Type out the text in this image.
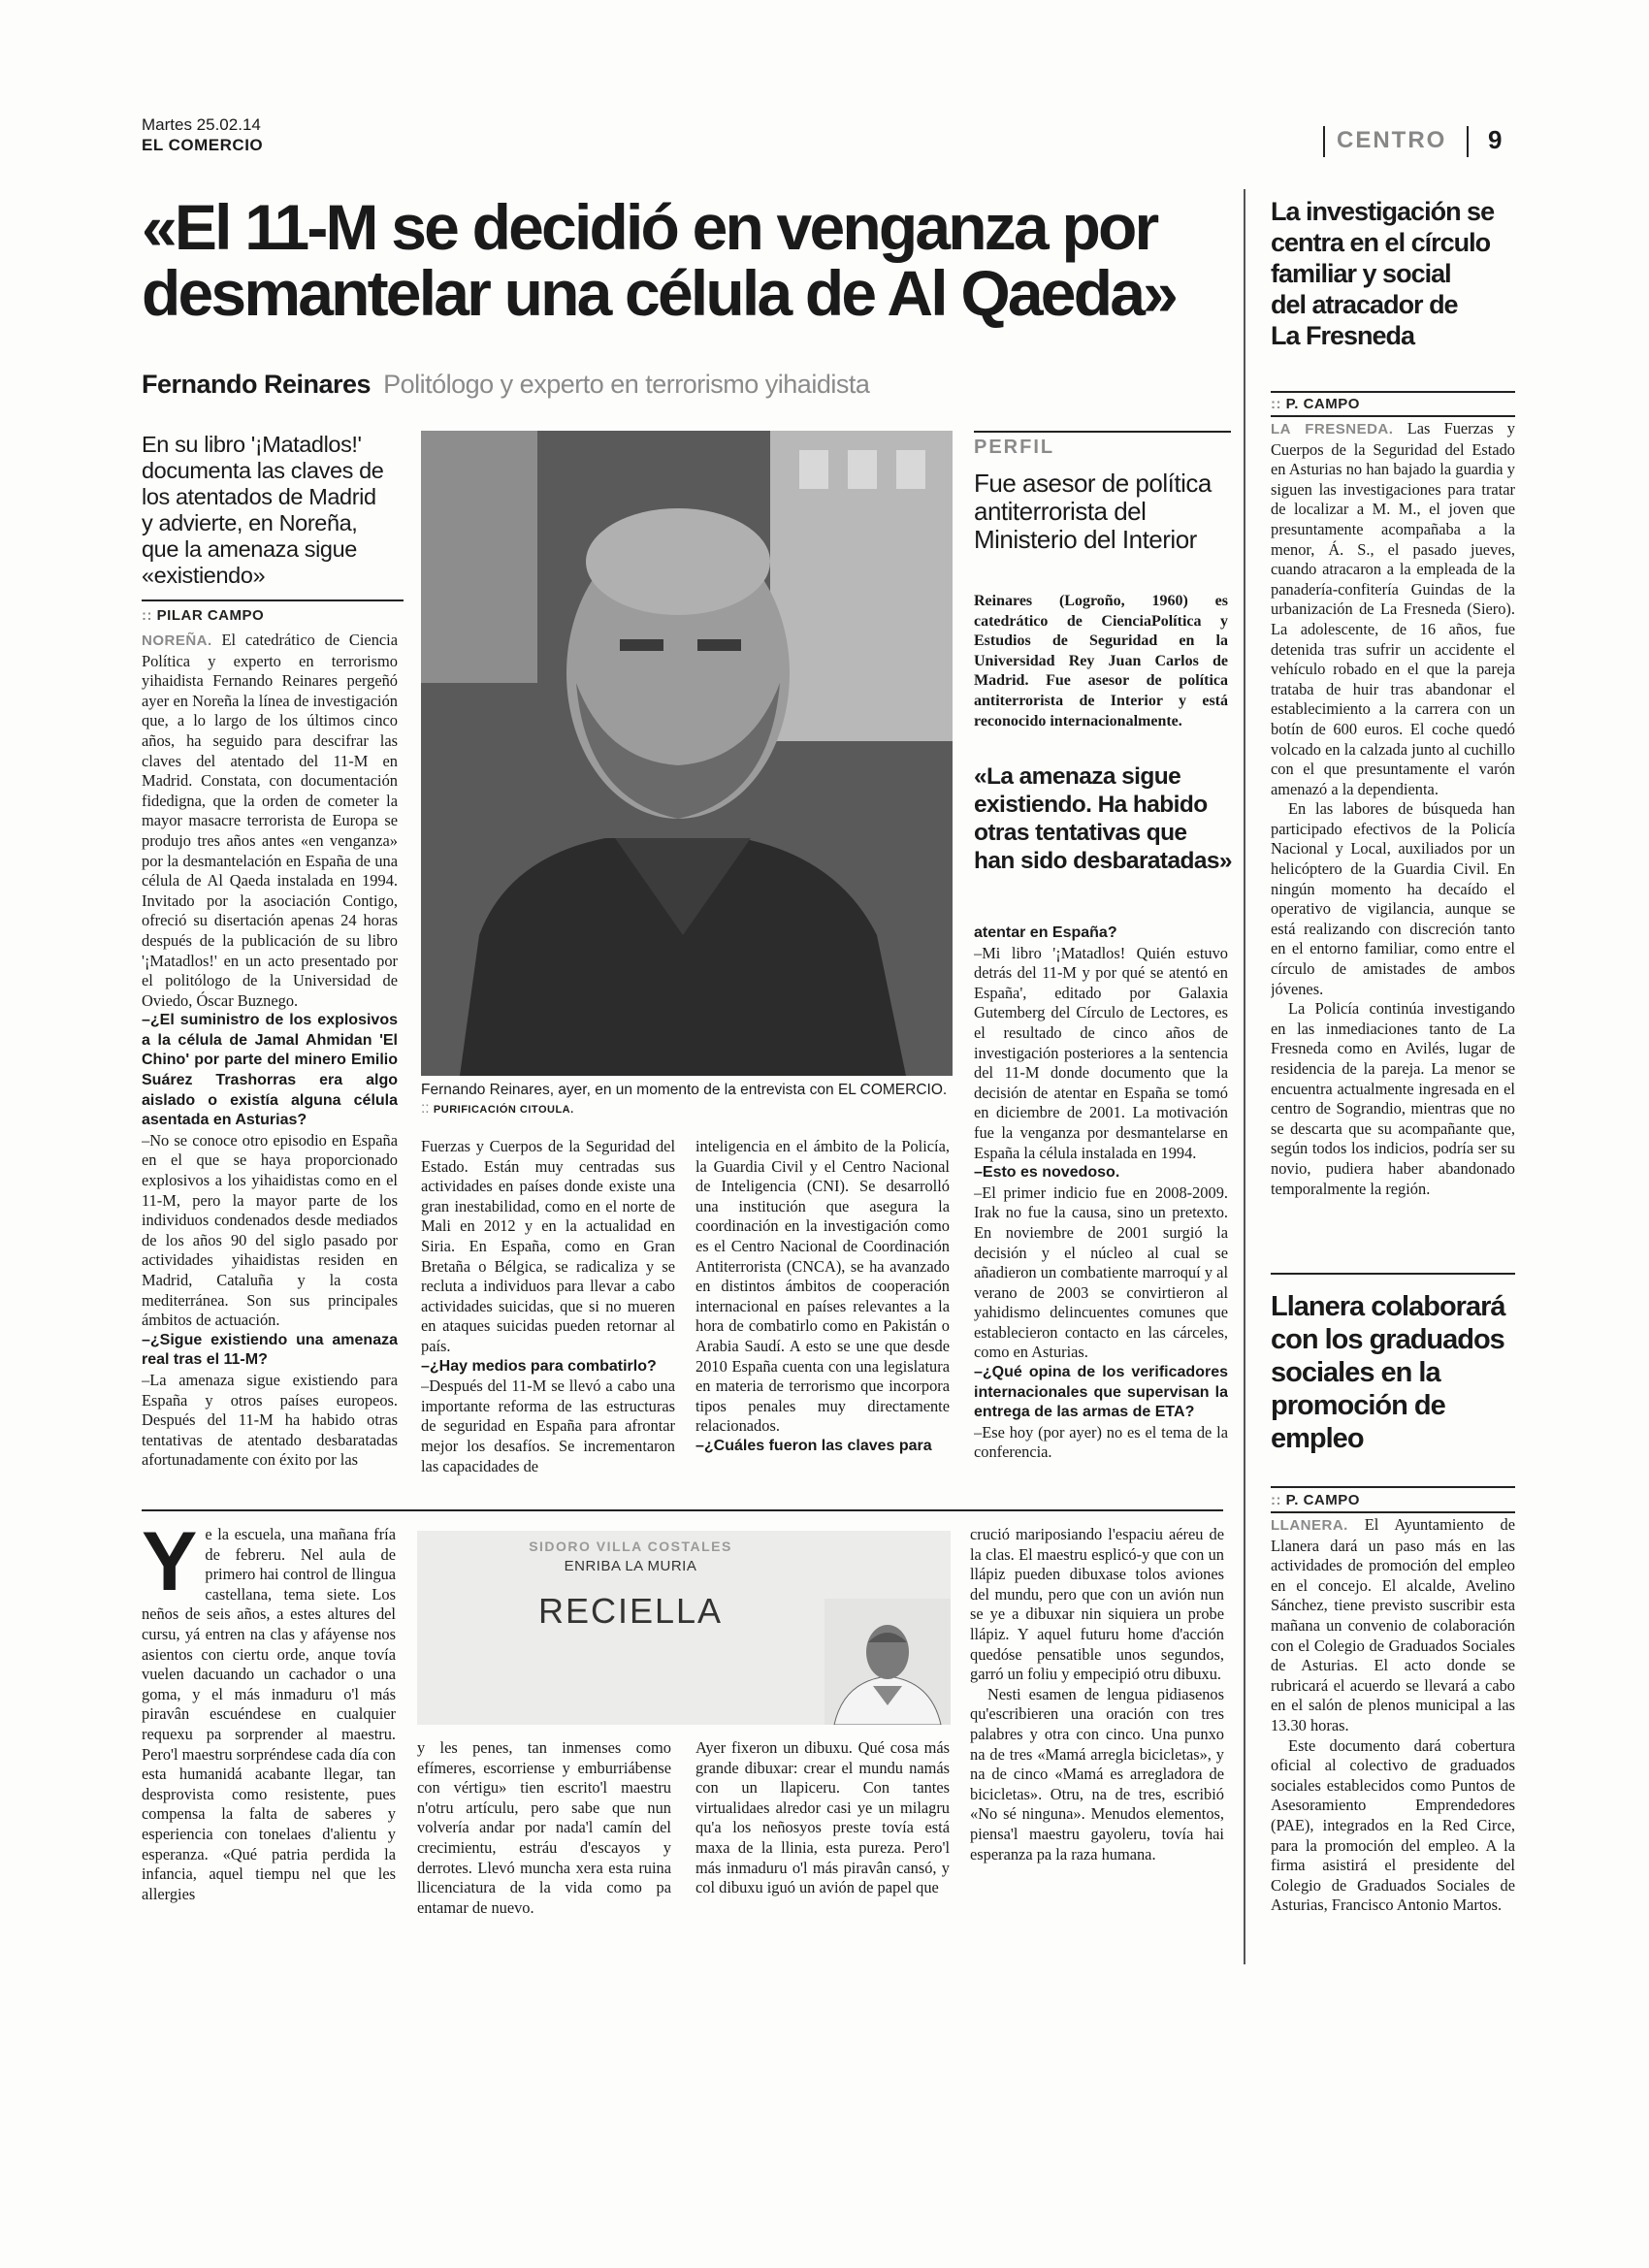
Martes 25.02.14
EL COMERCIO	CENTRO 9
«El 11-M se decidió en venganza por
desmantelar una célula de Al Qaeda»
Fernando Reinares Politólogo y experto en terrorismo yihaidista
En su libro '¡Matadlos!'
documenta las claves de
los atentados de Madrid
y advierte, en Noreña,
que la amenaza sigue
«existiendo»
:: PILAR CAMPO
Fernando Reinares, ayer, en un momento de la entrevista con EL COMERCIO. :: PURIFICACIÓN CITOULA.

NOREÑA. El catedrático de Ciencia Política y experto en terrorismo yihaidista Fernando Reinares pergeñó ayer en Noreña la línea de investigación que, a lo largo de los últimos cinco años, ha seguido para descifrar las claves del atentado del 11-M en Madrid. Constata, con documentación fidedigna, que la orden de cometer la mayor masacre terrorista de Europa se produjo tres años antes «en venganza» por la desmantelación en España de una célula de Al Qaeda instalada en 1994. Invitado por la asociación Contigo, ofreció su disertación apenas 24 horas después de la publicación de su libro '¡Matadlos!' en un acto presentado por el politólogo de la Universidad de Oviedo, Óscar Buznego.

–¿El suministro de los explosivos a la célula de Jamal Ahmidan 'El Chino' por parte del minero Emilio Suárez Trashorras era algo aislado o existía alguna célula asentada en Asturias?

–No se conoce otro episodio en España en el que se haya proporcionado explosivos a los yihaidistas como en el 11-M, pero la mayor parte de los individuos condenados desde mediados de los años 90 del siglo pasado por actividades yihaidistas residen en Madrid, Cataluña y la costa mediterránea. Son sus principales ámbitos de actuación.

–¿Sigue existiendo una amenaza real tras el 11-M?

–La amenaza sigue existiendo para España y otros países europeos. Después del 11-M ha habido otras tentativas de atentado desbaratadas afortunadamente con éxito por las

Fuerzas y Cuerpos de la Seguridad del Estado. Están muy centradas sus actividades en países donde existe una gran inestabilidad, como en el norte de Mali en 2012 y en la actualidad en Siria. En España, como en Gran Bretaña o Bélgica, se radicaliza y se recluta a individuos para llevar a cabo actividades suicidas, que si no mueren en ataques suicidas pueden retornar al país.

–¿Hay medios para combatirlo?

–Después del 11-M se llevó a cabo una importante reforma de las estructuras de seguridad en España para afrontar mejor los desafíos. Se incrementaron las capacidades de

inteligencia en el ámbito de la Policía, la Guardia Civil y el Centro Nacional de Inteligencia (CNI). Se desarrolló una institución que asegura la coordinación en la investigación como es el Centro Nacional de Coordinación Antiterrorista (CNCA), se ha avanzado en distintos ámbitos de cooperación internacional en países relevantes a la hora de combatirlo como en Pakistán o Arabia Saudí. A esto se une que desde 2010 España cuenta con una legislatura en materia de terrorismo que incorpora tipos penales muy directamente relacionados.

–¿Cuáles fueron las claves para

PERFIL
Fue asesor de política
antiterrorista del
Ministerio del Interior
Reinares (Logroño, 1960) es catedrático de CienciaPolítica y Estudios de Seguridad en la Universidad Rey Juan Carlos de Madrid. Fue asesor de política antiterrorista de Interior y está reconocido internacionalmente.
«La amenaza sigue
existiendo. Ha habido
otras tentativas que
han sido desbaratadas»

atentar en España?

–Mi libro '¡Matadlos! Quién estuvo detrás del 11-M y por qué se atentó en España', editado por Galaxia Gutemberg del Círculo de Lectores, es el resultado de cinco años de investigación posteriores a la sentencia del 11-M donde documento que la decisión de atentar en España se tomó en diciembre de 2001. La motivación fue la venganza por desmantelarse en España la célula instalada en 1994.

–Esto es novedoso.

–El primer indicio fue en 2008-2009. Irak no fue la causa, sino un pretexto. En noviembre de 2001 surgió la decisión y el núcleo al cual se añadieron un combatiente marroquí y al verano de 2003 se convirtieron al yahidismo delincuentes comunes que establecieron contacto en las cárceles, como en Asturias.

–¿Qué opina de los verificadores internacionales que supervisan la entrega de las armas de ETA?

–Ese hoy (por ayer) no es el tema de la conferencia.

La investigación se
centra en el círculo
familiar y social
del atracador de
La Fresneda
:: P. CAMPO

LA FRESNEDA. Las Fuerzas y Cuerpos de la Seguridad del Estado en Asturias no han bajado la guardia y siguen las investigaciones para tratar de localizar a M. M., el joven que presuntamente acompañaba a la menor, Á. S., el pasado jueves, cuando atracaron a la empleada de la panadería-confitería Guindas de la urbanización de La Fresneda (Siero). La adolescente, de 16 años, fue detenida tras sufrir un accidente el vehículo robado en el que la pareja trataba de huir tras abandonar el establecimiento a la carrera con un botín de 600 euros. El coche quedó volcado en la calzada junto al cuchillo con el que presuntamente el varón amenazó a la dependienta.

En las labores de búsqueda han participado efectivos de la Policía Nacional y Local, auxiliados por un helicóptero de la Guardia Civil. En ningún momento ha decaído el operativo de vigilancia, aunque se está realizando con discreción tanto en el entorno familiar, como entre el círculo de amistades de ambos jóvenes.

La Policía continúa investigando en las inmediaciones tanto de La Fresneda como en Avilés, lugar de residencia de la pareja. La menor se encuentra actualmente ingresada en el centro de Sograndio, mientras que no se descarta que su acompañante que, según todos los indicios, podría ser su novio, pudiera haber abandonado temporalmente la región.

Llanera colaborará
con los graduados
sociales en la
promoción de
empleo
:: P. CAMPO

LLANERA. El Ayuntamiento de Llanera dará un paso más en las actividades de promoción del empleo en el concejo. El alcalde, Avelino Sánchez, tiene previsto suscribir esta mañana un convenio de colaboración con el Colegio de Graduados Sociales de Asturias. El acto donde se rubricará el acuerdo se llevará a cabo en el salón de plenos municipal a las 13.30 horas.

Este documento dará cobertura oficial al colectivo de graduados sociales establecidos como Puntos de Asesoramiento Emprendedores (PAE), integrados en la Red Circe, para la promoción del empleo. A la firma asistirá el presidente del Colegio de Graduados Sociales de Asturias, Francisco Antonio Martos.

SIDORO VILLA COSTALES
ENRIBA LA MURIA
RECIELLA
Ye la escuela, una mañana fría de febreru. Nel aula de primero hai control de llingua castellana, tema siete. Los neños de seis años, a estes altures del cursu, yá entren na clas y afáyense nos asientos con ciertu orde, anque tovía vuelen dacuando un cachador o una goma, y el más inmaduru o'l más piravân escuéndese en cualquier requexu pa sorprender al maestru. Pero'l maestru sorpréndese cada día con esta humanidá acabante llegar, tan desprovista como resistente, pues compensa la falta de saberes y esperiencia con tonelaes d'alientu y esperanza. «Qué patria perdida la infancia, aquel tiempu nel que les allergies
y les penes, tan inmenses como efímeres, escorriense y emburriábense con vértigu» tien escrito'l maestru n'otru artículu, pero sabe que nun volvería andar por nada'l camín del crecimientu, estráu d'escayos y derrotes. Llevó muncha xera esta ruina llicenciatura de la vida como pa entamar de nuevo.
Ayer fixeron un dibuxu. Qué cosa más grande dibuxar: crear el mundu namás con un llapiceru. Con tantes virtualidaes alredor casi ye un milagru qu'a los neñosyos preste tovía está maxa de la llinia, esta pureza. Pero'l más inmaduru o'l más piravân cansó, y col dibuxu iguó un avión de papel que

crució mariposiando l'espaciu aéreu de la clas. El maestru esplicó-y que con un llápiz pueden dibuxase tolos aviones del mundu, pero que con un avión nun se ye a dibuxar nin siquiera un probe llápiz. Y aquel futuru home d'acción quedóse pensatible unos segundos, garró un foliu y empecipió otru dibuxu.

Nesti esamen de lengua pidiasenos qu'escribieren una oración con tres palabres y otra con cinco. Una punxo na de tres «Mamá arregla bicicletas», y na de cinco «Mamá es arregladora de bicicletas». Otru, na de tres, escribió «No sé ninguna». Menudos elementos, piensa'l maestru gayoleru, tovía hai esperanza pa la raza humana.
